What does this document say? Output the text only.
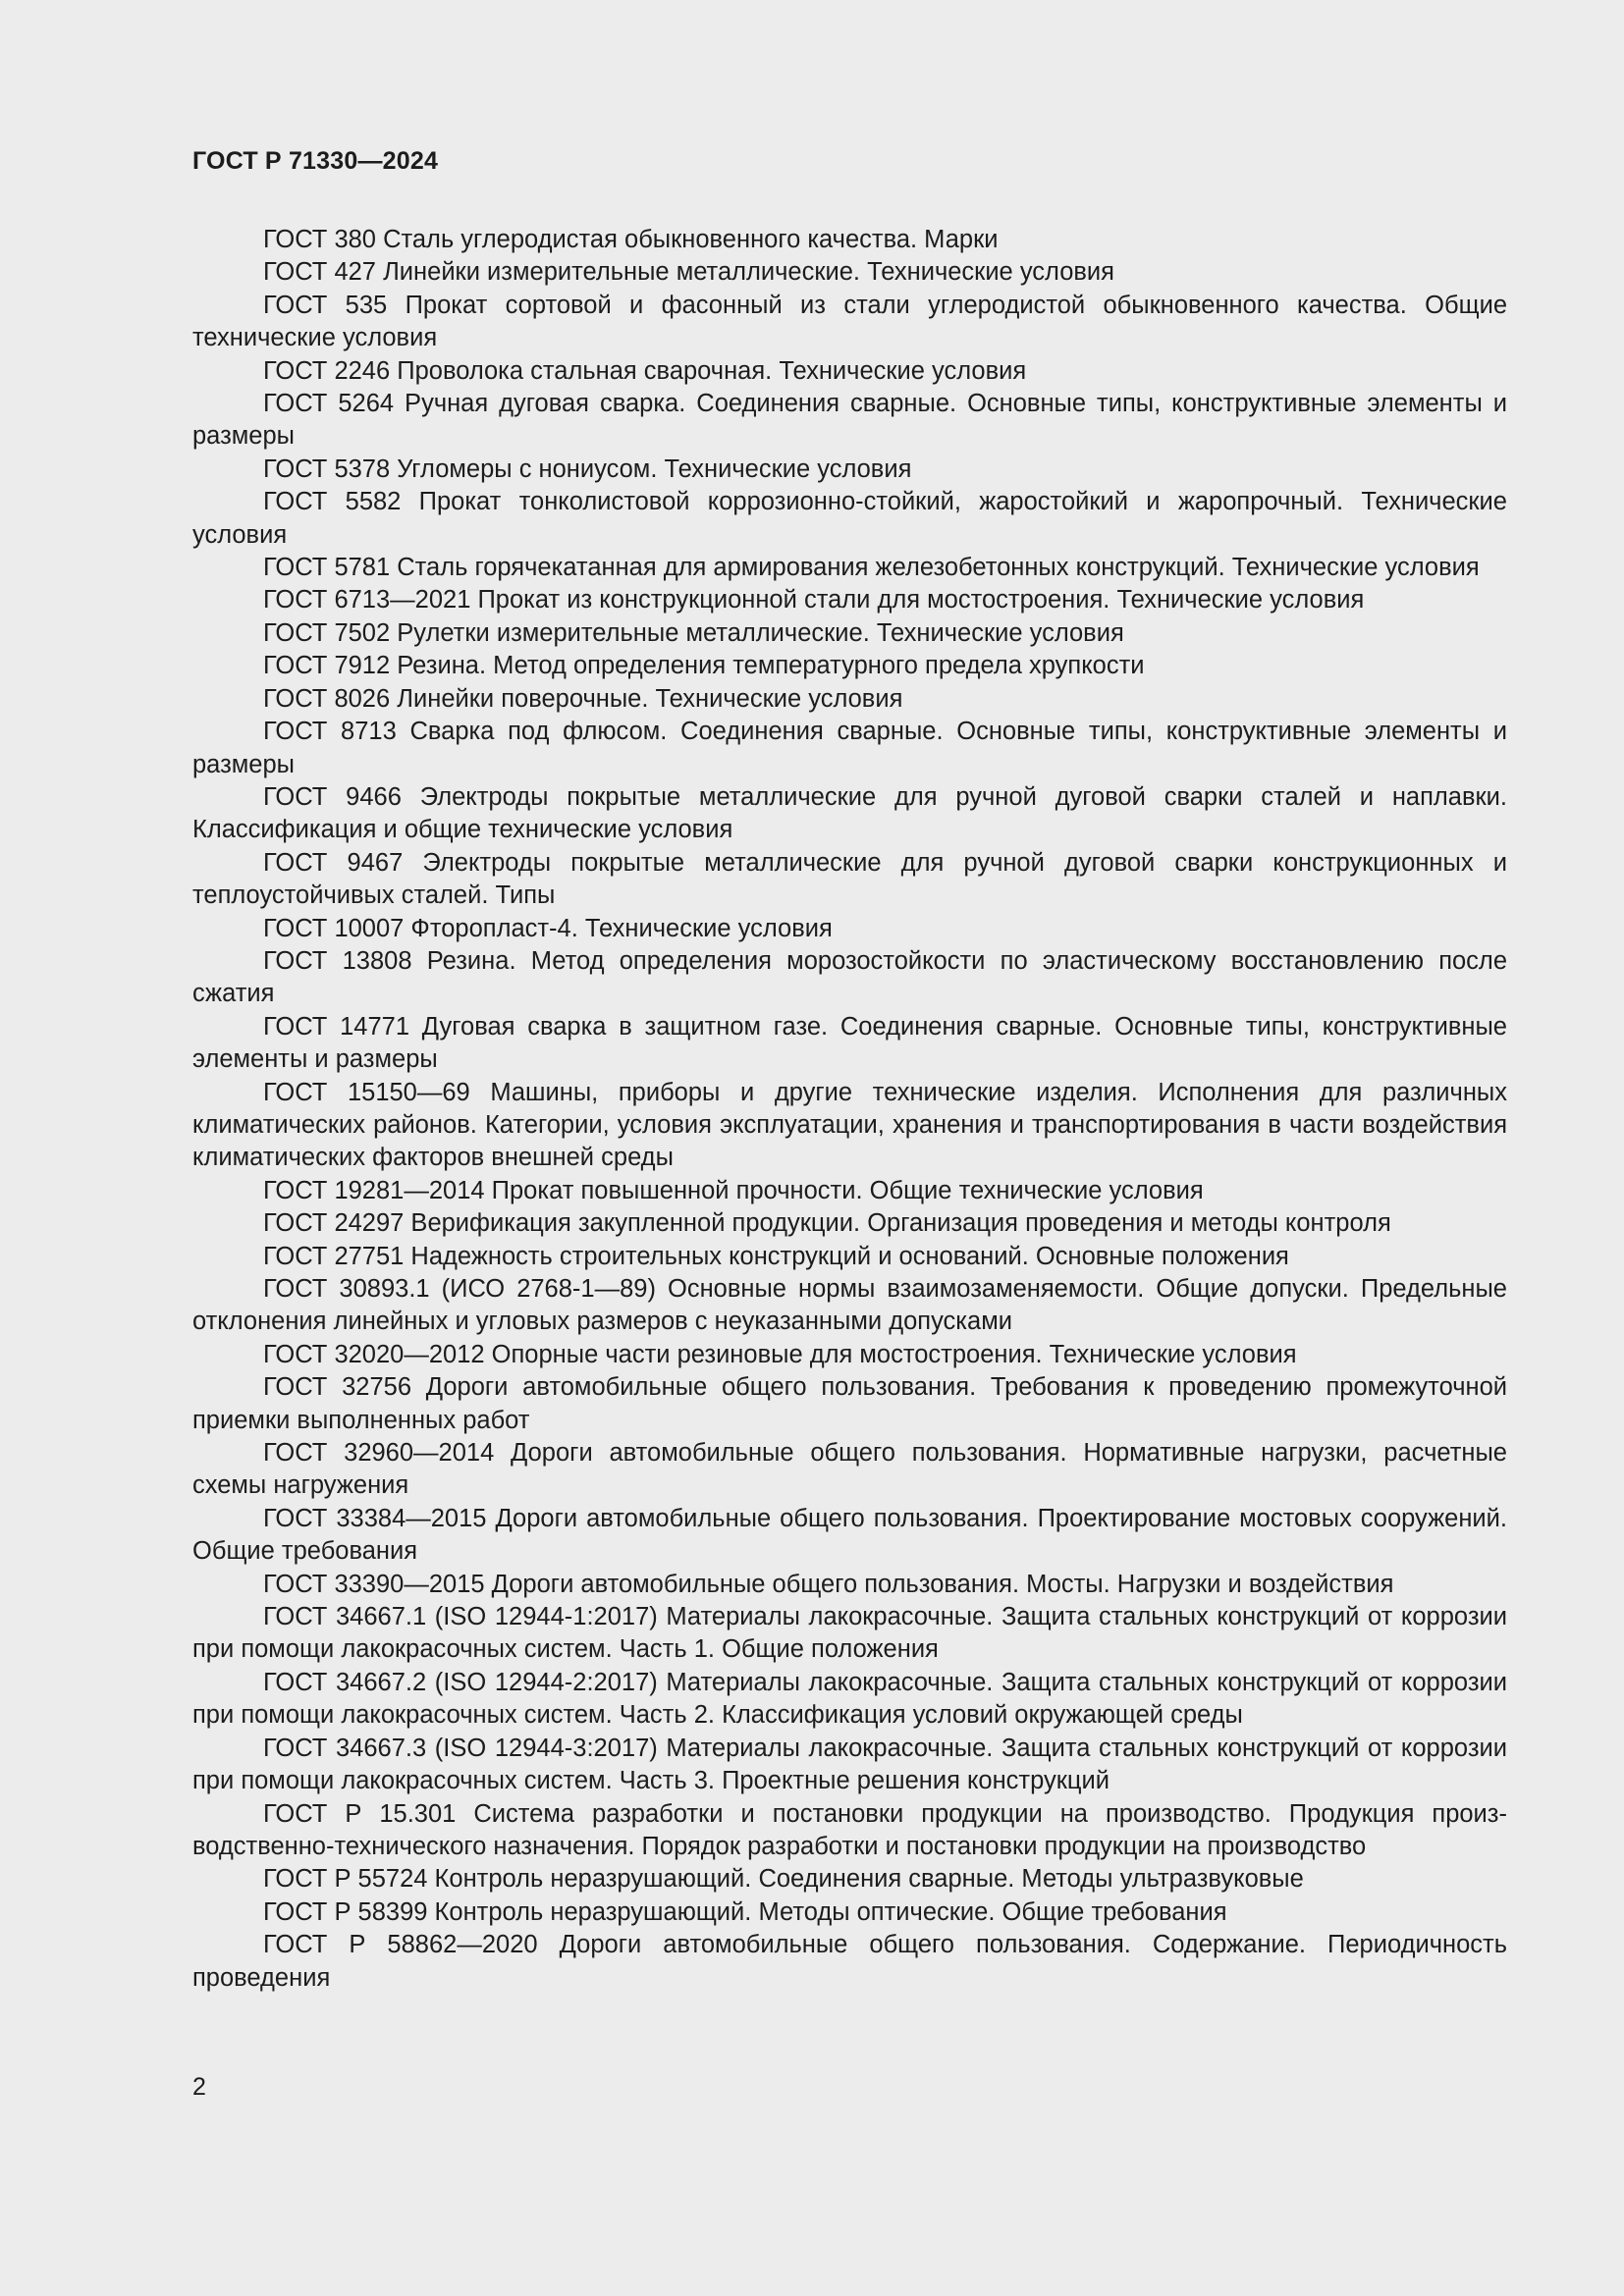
ГОСТ Р 71330—2024

ГОСТ 380 Сталь углеродистая обыкновенного качества. Марки

ГОСТ 427 Линейки измерительные металлические. Технические условия

ГОСТ 535 Прокат сортовой и фасонный из стали углеродистой обыкновенного качества. Общие технические условия

ГОСТ 2246 Проволока стальная сварочная. Технические условия

ГОСТ 5264 Ручная дуговая сварка. Соединения сварные. Основные типы, конструктивные элементы и размеры

ГОСТ 5378 Угломеры с нониусом. Технические условия

ГОСТ 5582 Прокат тонколистовой коррозионно-стойкий, жаростойкий и жаропрочный. Технические условия

ГОСТ 5781 Сталь горячекатанная для армирования железобетонных конструкций. Технические условия

ГОСТ 6713—2021 Прокат из конструкционной стали для мостостроения. Технические условия

ГОСТ 7502 Рулетки измерительные металлические. Технические условия

ГОСТ 7912 Резина. Метод определения температурного предела хрупкости

ГОСТ 8026 Линейки поверочные. Технические условия

ГОСТ 8713 Сварка под флюсом. Соединения сварные. Основные типы, конструктивные элементы и размеры

ГОСТ 9466 Электроды покрытые металлические для ручной дуговой сварки сталей и наплавки. Классификация и общие технические условия

ГОСТ 9467 Электроды покрытые металлические для ручной дуговой сварки конструкционных и теплоустойчивых сталей. Типы

ГОСТ 10007 Фторопласт-4. Технические условия

ГОСТ 13808 Резина. Метод определения морозостойкости по эластическому восстановлению после сжатия

ГОСТ 14771 Дуговая сварка в защитном газе. Соединения сварные. Основные типы, конструктивные элементы и размеры

ГОСТ 15150—69 Машины, приборы и другие технические изделия. Исполнения для различных климатических районов. Категории, условия эксплуатации, хранения и транспортирования в части воздействия климатических факторов внешней среды

ГОСТ 19281—2014 Прокат повышенной прочности. Общие технические условия

ГОСТ 24297 Верификация закупленной продукции. Организация проведения и методы контроля

ГОСТ 27751 Надежность строительных конструкций и оснований. Основные положения

ГОСТ 30893.1 (ИСО 2768-1—89) Основные нормы взаимозаменяемости. Общие допуски. Предельные отклонения линейных и угловых размеров с неуказанными допусками

ГОСТ 32020—2012 Опорные части резиновые для мостостроения. Технические условия

ГОСТ 32756 Дороги автомобильные общего пользования. Требования к проведению промежуточной приемки выполненных работ

ГОСТ 32960—2014 Дороги автомобильные общего пользования. Нормативные нагрузки, расчетные схемы нагружения

ГОСТ 33384—2015 Дороги автомобильные общего пользования. Проектирование мостовых сооружений. Общие требования

ГОСТ 33390—2015 Дороги автомобильные общего пользования. Мосты. Нагрузки и воздействия

ГОСТ 34667.1 (ISO 12944-1:2017) Материалы лакокрасочные. Защита стальных конструкций от коррозии при помощи лакокрасочных систем. Часть 1. Общие положения

ГОСТ 34667.2 (ISO 12944-2:2017) Материалы лакокрасочные. Защита стальных конструкций от коррозии при помощи лакокрасочных систем. Часть 2. Классификация условий окружающей среды

ГОСТ 34667.3 (ISO 12944-3:2017) Материалы лакокрасочные. Защита стальных конструкций от коррозии при помощи лакокрасочных систем. Часть 3. Проектные решения конструкций

ГОСТ Р 15.301 Система разработки и постановки продукции на производство. Продукция производственно-технического назначения. Порядок разработки и постановки продукции на производство

ГОСТ Р 55724 Контроль неразрушающий. Соединения сварные. Методы ультразвуковые

ГОСТ Р 58399 Контроль неразрушающий. Методы оптические. Общие требования

ГОСТ Р 58862—2020 Дороги автомобильные общего пользования. Содержание. Периодичность проведения

2
